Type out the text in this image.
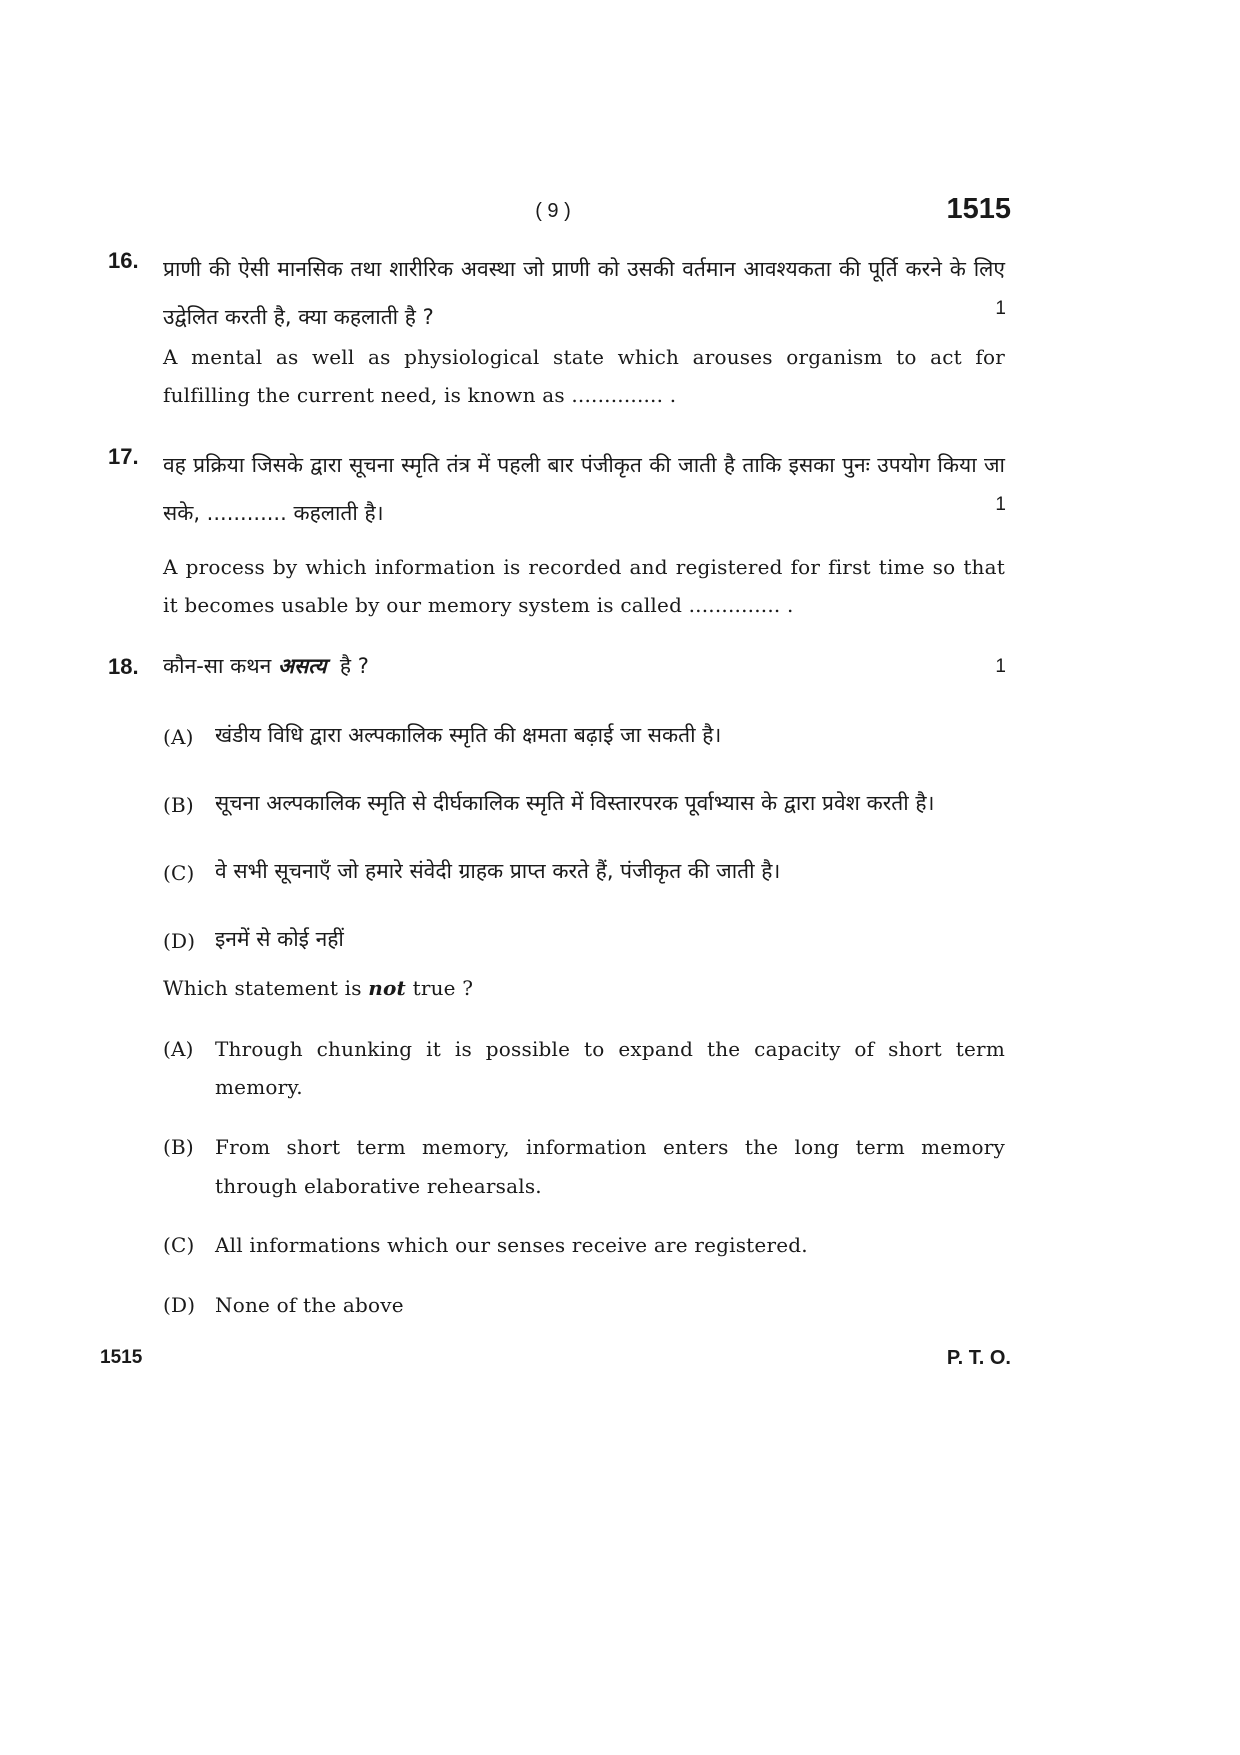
( 9 )	1515
16. प्राणी की ऐसी मानसिक तथा शारीरिक अवस्था जो प्राणी को उसकी वर्तमान आवश्यकता की पूर्ति करने के लिए उद्वेलित करती है, क्या कहलाती है ?	1
A mental as well as physiological state which arouses organism to act for fulfilling the current need, is known as .............. .
17. वह प्रक्रिया जिसके द्वारा सूचना स्मृति तंत्र में पहली बार पंजीकृत की जाती है ताकि इसका पुनः उपयोग किया जा सके, ............ कहलाती है।	1
A process by which information is recorded and registered for first time so that it becomes usable by our memory system is called .............. .
18. कौन-सा कथन असत्य है ?	1
(A) खंडीय विधि द्वारा अल्पकालिक स्मृति की क्षमता बढ़ाई जा सकती है।
(B) सूचना अल्पकालिक स्मृति से दीर्घकालिक स्मृति में विस्तारपरक पूर्वाभ्यास के द्वारा प्रवेश करती है।
(C) वे सभी सूचनाएँ जो हमारे संवेदी ग्राहक प्राप्त करते हैं, पंजीकृत की जाती है।
(D) इनमें से कोई नहीं
Which statement is not true ?
(A) Through chunking it is possible to expand the capacity of short term memory.
(B) From short term memory, information enters the long term memory through elaborative rehearsals.
(C) All informations which our senses receive are registered.
(D) None of the above
1515	P. T. O.
